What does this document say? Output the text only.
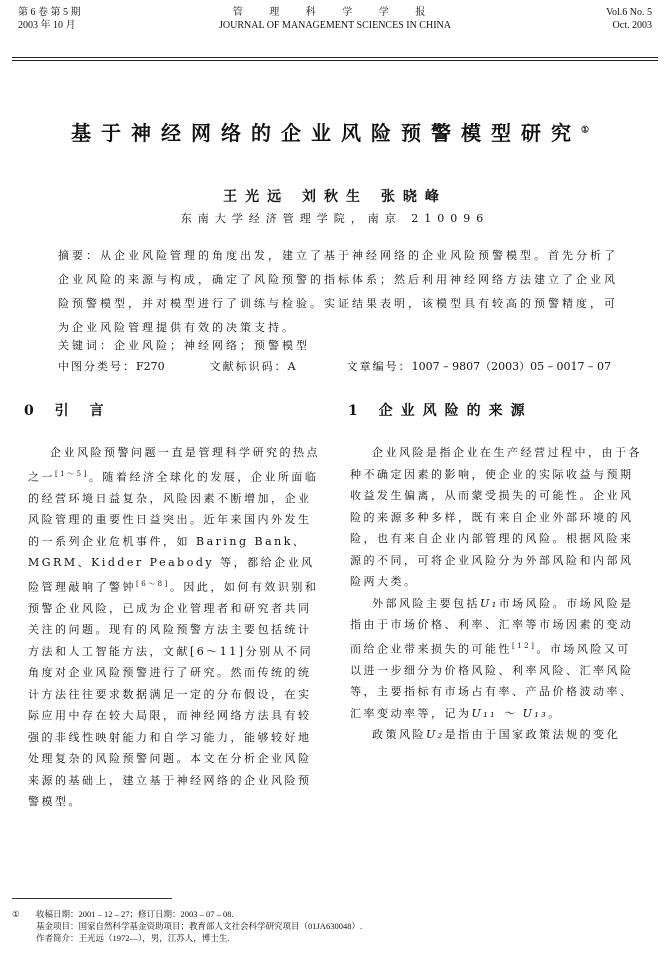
第 6 卷 第 5 期
2003 年 10 月
管 理 科 学 学 报
JOURNAL OF MANAGEMENT SCIENCES IN CHINA
Vol.6 No. 5
Oct. 2003
基于神经网络的企业风险预警模型研究①
王光远 刘秋生 张晓峰
东南大学经济管理学院，南京 210096
摘要：从企业风险管理的角度出发，建立了基于神经网络的企业风险预警模型。首先分析了企业风险的来源与构成，确定了风险预警的指标体系；然后利用神经网络方法建立了企业风险预警模型，并对模型进行了训练与检验。实证结果表明，该模型具有较高的预警精度，可为企业风险管理提供有效的决策支持。
关键词：企业风险；神经网络；预警模型
中图分类号：F270	文献标识码：A	文章编号：1007 – 9807（2003）05 – 0017 – 07
0 引 言	1 企业风险的来源

企业风险预警问题一直是管理科学研究的热点之一[1～5]。随着经济全球化的发展，企业所面临的经营环境日益复杂，风险因素不断增加，企业风险管理的重要性日益突出。近年来国内外发生的一系列企业危机事件，如 Baring Bank、MGRM、Kidder Peabody 等，都给企业风险管理敲响了警钟[6～8]。因此，如何有效识别和预警企业风险，已成为企业管理者和研究者共同关注的问题。现有的风险预警方法主要包括统计方法和人工智能方法，文献[6～11]分别从不同角度对企业风险预警进行了研究。然而传统的统计方法往往要求数据满足一定的分布假设，在实际应用中存在较大局限，而神经网络方法具有较强的非线性映射能力和自学习能力，能够较好地处理复杂的风险预警问题。本文在分析企业风险来源的基础上，建立基于神经网络的企业风险预警模型。

企业风险是指企业在生产经营过程中，由于各种不确定因素的影响，使企业的实际收益与预期收益发生偏离，从而蒙受损失的可能性。企业风险的来源多种多样，既有来自企业外部环境的风险，也有来自企业内部管理的风险。根据风险来源的不同，可将企业风险分为外部风险和内部风险两大类。

外部风险主要包括U₁市场风险。市场风险是指由于市场价格、利率、汇率等市场因素的变动而给企业带来损失的可能性[12]。市场风险又可以进一步细分为价格风险、利率风险、汇率风险等，主要指标有市场占有率、产品价格波动率、汇率变动率等，记为U₁₁ ～ U₁₃。

政策风险U₂是指由于国家政策法规的变化

① 收稿日期：2001 – 12 – 27；修订日期：2003 – 07 – 08.
基金项目：国家自然科学基金资助项目；教育部人文社会科学研究项目（01JA630048）.
作者简介：王光远（1972—），男，江苏人，博士生.
